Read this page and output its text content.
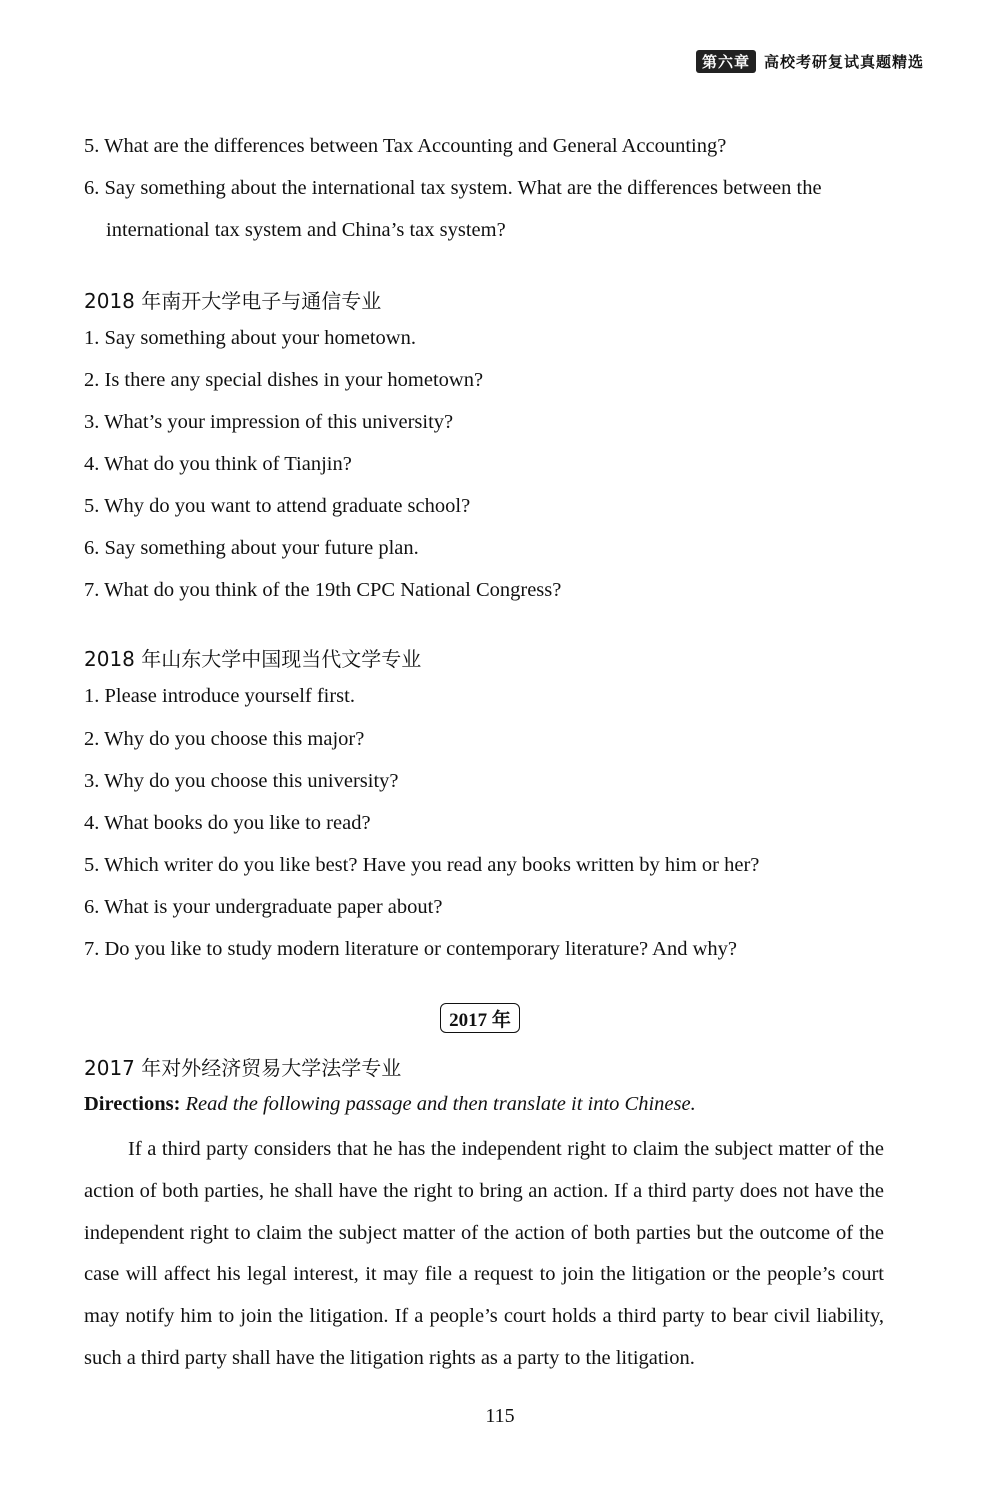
第六章 高校考研复试真题精选
5. What are the differences between Tax Accounting and General Accounting?
6. Say something about the international tax system. What are the differences between the
international tax system and China’s tax system?
2018 年南开大学电子与通信专业
1. Say something about your hometown.
2. Is there any special dishes in your hometown?
3. What’s your impression of this university?
4. What do you think of Tianjin?
5. Why do you want to attend graduate school?
6. Say something about your future plan.
7. What do you think of the 19th CPC National Congress?
2018 年山东大学中国现当代文学专业
1. Please introduce yourself first.
2. Why do you choose this major?
3. Why do you choose this university?
4. What books do you like to read?
5. Which writer do you like best? Have you read any books written by him or her?
6. What is your undergraduate paper about?
7. Do you like to study modern literature or contemporary literature? And why?
2017 年
2017 年对外经济贸易大学法学专业
Directions: Read the following passage and then translate it into Chinese.
If a third party considers that he has the independent right to claim the subject matter of the action of both parties, he shall have the right to bring an action. If a third party does not have the independent right to claim the subject matter of the action of both parties but the outcome of the case will affect his legal interest, it may file a request to join the litigation or the people’s court may notify him to join the litigation. If a people’s court holds a third party to bear civil liability, such a third party shall have the litigation rights as a party to the litigation.
115
